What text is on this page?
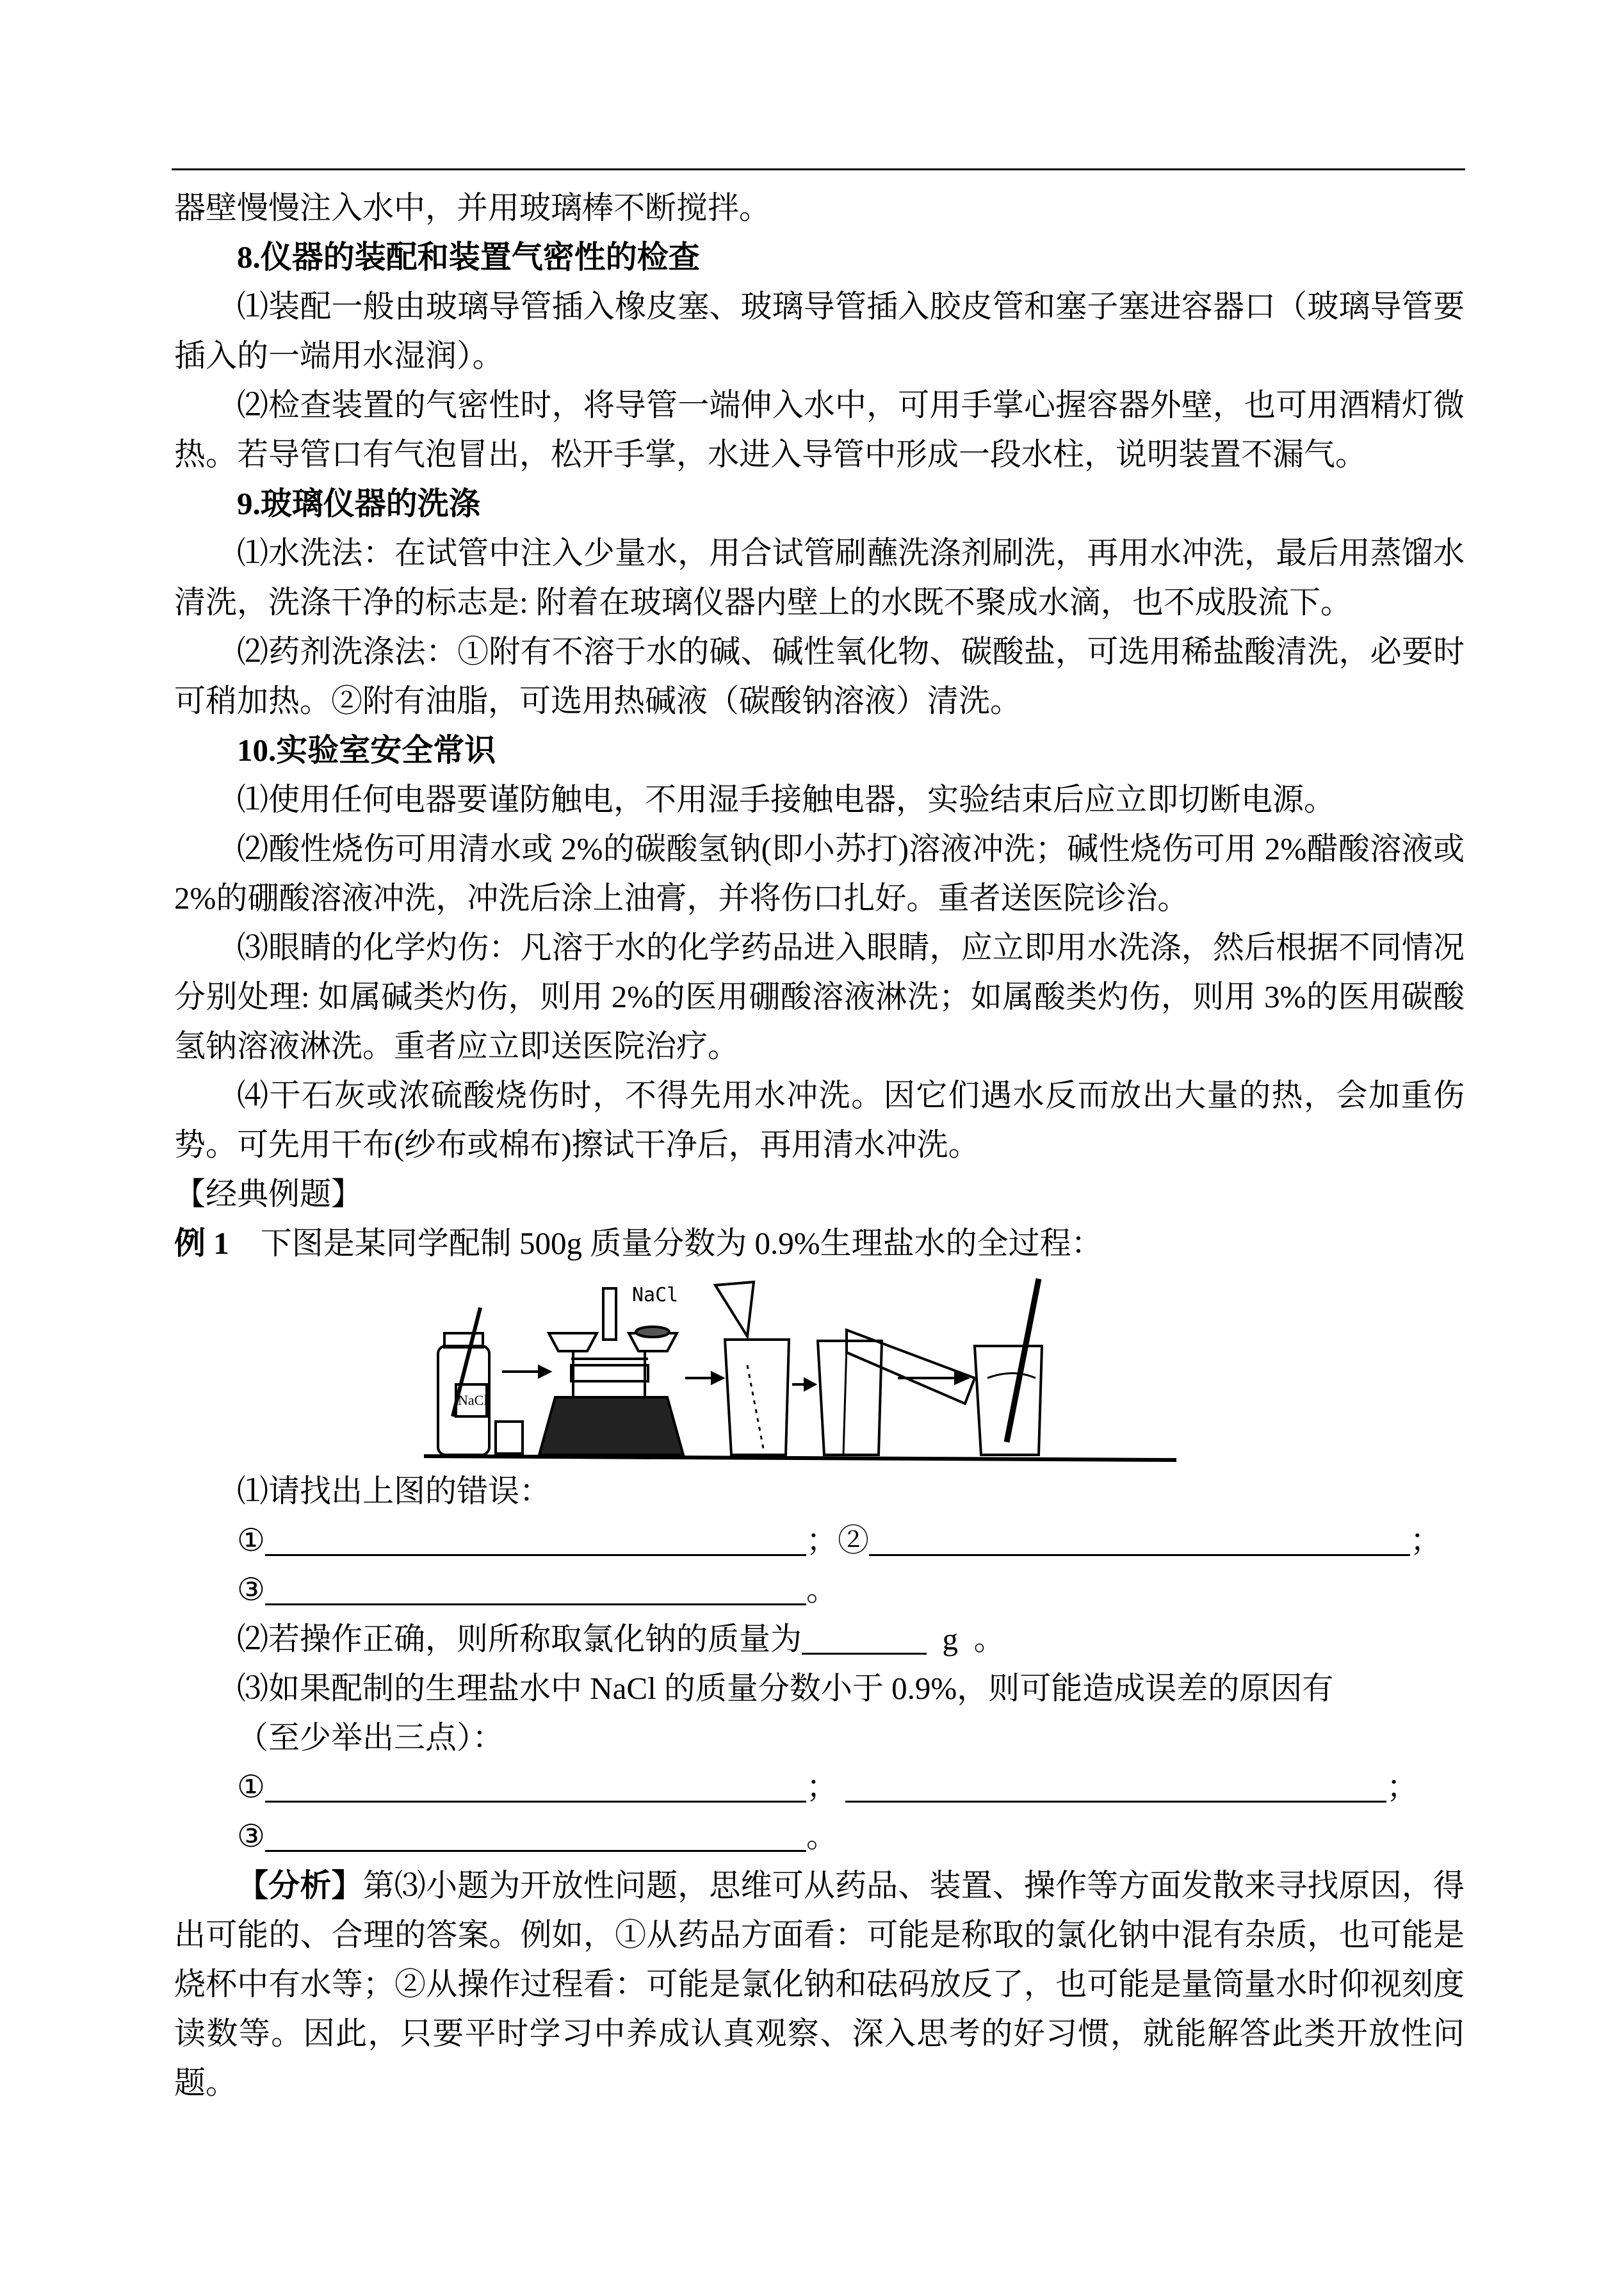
器壁慢慢注入水中，并用玻璃棒不断搅拌。

8.仪器的装配和装置气密性的检查

⑴装配一般由玻璃导管插入橡皮塞、玻璃导管插入胶皮管和塞子塞进容器口（玻璃导管要插入的一端用水湿润）。

⑵检查装置的气密性时，将导管一端伸入水中，可用手掌心握容器外壁，也可用酒精灯微热。若导管口有气泡冒出，松开手掌，水进入导管中形成一段水柱，说明装置不漏气。

9.玻璃仪器的洗涤

⑴水洗法：在试管中注入少量水，用合试管刷蘸洗涤剂刷洗，再用水冲洗，最后用蒸馏水清洗，洗涤干净的标志是: 附着在玻璃仪器内壁上的水既不聚成水滴，也不成股流下。

⑵药剂洗涤法：①附有不溶于水的碱、碱性氧化物、碳酸盐，可选用稀盐酸清洗，必要时可稍加热。②附有油脂，可选用热碱液（碳酸钠溶液）清洗。

10.实验室安全常识

⑴使用任何电器要谨防触电，不用湿手接触电器，实验结束后应立即切断电源。

⑵酸性烧伤可用清水或 2%的碳酸氢钠(即小苏打)溶液冲洗；碱性烧伤可用 2%醋酸溶液或 2%的硼酸溶液冲洗，冲洗后涂上油膏，并将伤口扎好。重者送医院诊治。

⑶眼睛的化学灼伤：凡溶于水的化学药品进入眼睛，应立即用水洗涤，然后根据不同情况分别处理: 如属碱类灼伤，则用 2%的医用硼酸溶液淋洗；如属酸类灼伤，则用 3%的医用碳酸氢钠溶液淋洗。重者应立即送医院治疗。

⑷干石灰或浓硫酸烧伤时，不得先用水冲洗。因它们遇水反而放出大量的热，会加重伤势。可先用干布(纱布或棉布)擦试干净后，再用清水冲洗。

【经典例题】

例 1　下图是某同学配制 500g 质量分数为 0.9%生理盐水的全过程：

NaCl
NaCl

⑴请找出上图的错误：

①	；②	；

③	。

⑵若操作正确，则所称取氯化钠的质量为	g  。

⑶如果配制的生理盐水中 NaCl 的质量分数小于 0.9%，则可能造成误差的原因有

（至少举出三点）：

①	；	；

③	。

【分析】第⑶小题为开放性问题，思维可从药品、装置、操作等方面发散来寻找原因，得出可能的、合理的答案。例如，①从药品方面看：可能是称取的氯化钠中混有杂质，也可能是烧杯中有水等；②从操作过程看：可能是氯化钠和砝码放反了，也可能是量筒量水时仰视刻度读数等。因此，只要平时学习中养成认真观察、深入思考的好习惯，就能解答此类开放性问题。
